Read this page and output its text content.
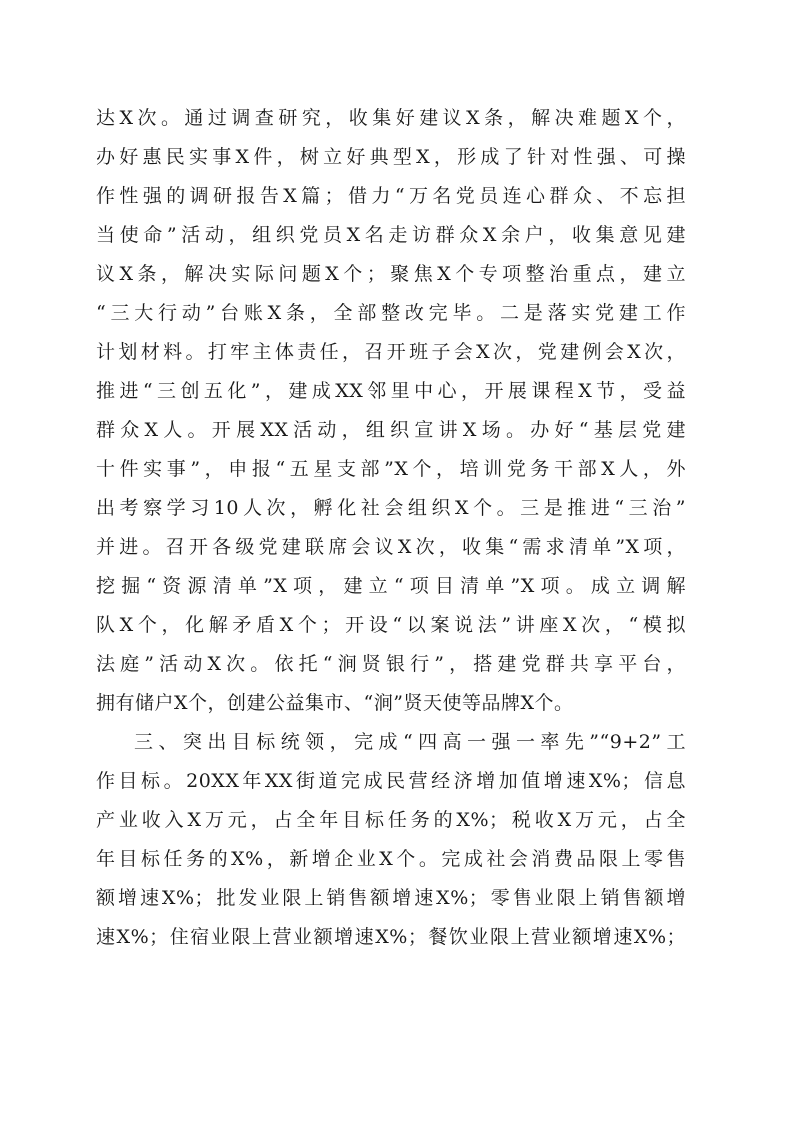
达X次。通过调查研究，收集好建议X条，解决难题X个，
办好惠民实事X件，树立好典型X，形成了针对性强、可操
作性强的调研报告X篇；借力“万名党员连心群众、不忘担
当使命”活动，组织党员X名走访群众X余户，收集意见建
议X条，解决实际问题X个；聚焦X个专项整治重点，建立
“三大行动”台账X条，全部整改完毕。二是落实党建工作
计划材料。打牢主体责任，召开班子会X次，党建例会X次，
推进“三创五化”，建成XX邻里中心，开展课程X节，受益
群众X人。开展XX活动，组织宣讲X场。办好“基层党建
十件实事”，申报“五星支部”X个，培训党务干部X人，外
出考察学习10人次，孵化社会组织X个。三是推进“三治”
并进。召开各级党建联席会议X次，收集“需求清单”X项，
挖掘“资源清单”X项，建立“项目清单”X项。成立调解
队X个，化解矛盾X个；开设“以案说法”讲座X次，“模拟
法庭”活动X次。依托“涧贤银行”，搭建党群共享平台，
拥有储户X个，创建公益集市、“涧”贤天使等品牌X个。
三、突出目标统领，完成“四高一强一率先”“9+2”工
作目标。20XX年XX街道完成民营经济增加值增速X%；信息
产业收入X万元，占全年目标任务的X%；税收X万元，占全
年目标任务的X%，新增企业X个。完成社会消费品限上零售
额增速X%；批发业限上销售额增速X%；零售业限上销售额增
速X%；住宿业限上营业额增速X%；餐饮业限上营业额增速X%；
